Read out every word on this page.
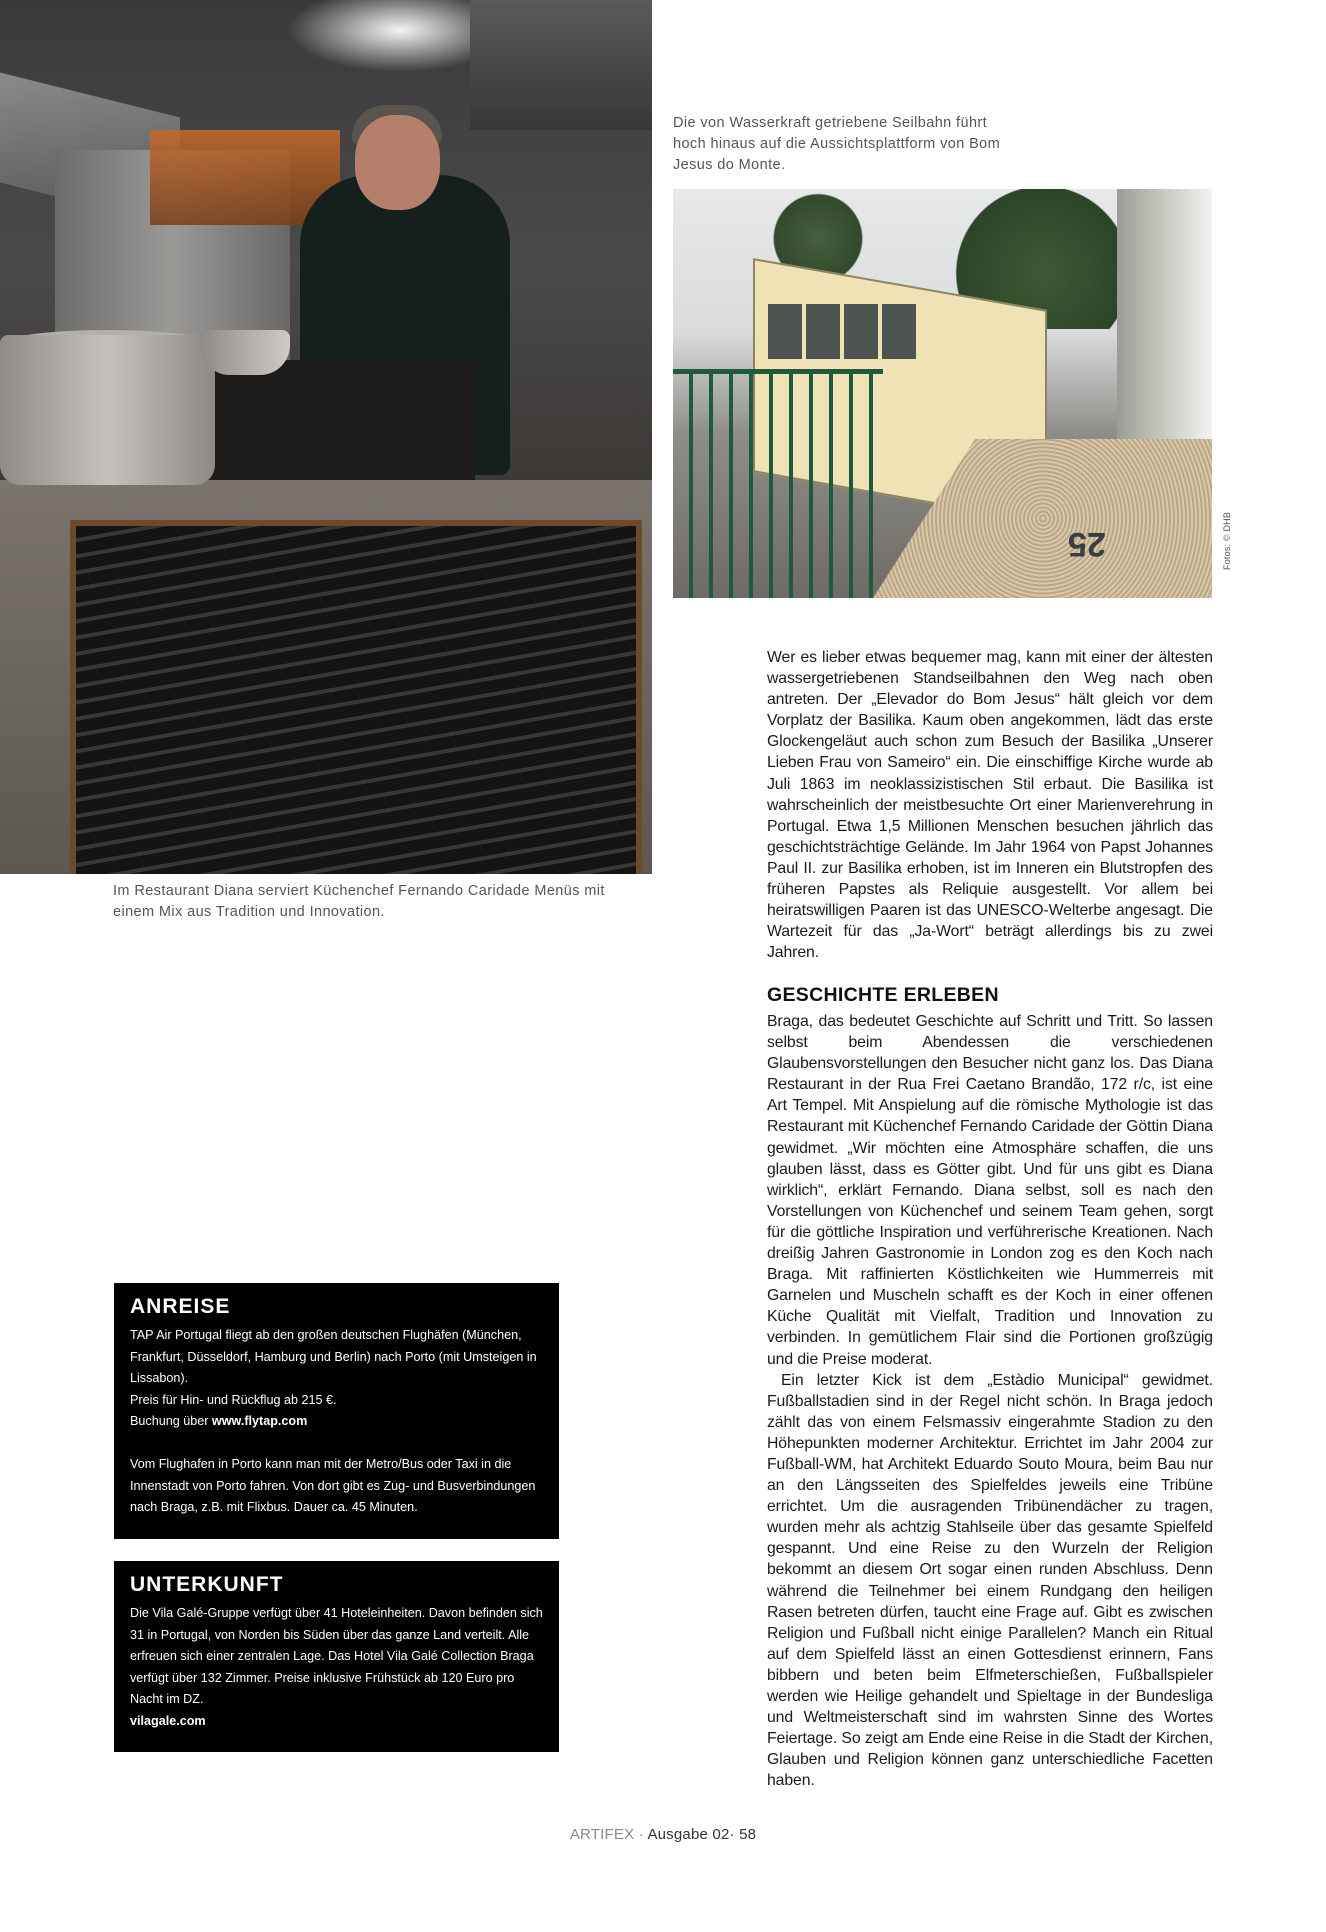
Die von Wasserkraft getriebene Seilbahn führt hoch hinaus auf die Aussichtsplattform von Bom Jesus do Monte.
25	Fotos: © DHB
Im Restaurant Diana serviert Küchenchef Fernando Caridade Menüs mit einem Mix aus Tradition und Innovation.
Wer es lieber etwas bequemer mag, kann mit einer der ältesten wassergetriebenen Standseilbahnen den Weg nach oben antreten. Der „Elevador do Bom Jesus“ hält gleich vor dem Vorplatz der Basilika. Kaum oben angekommen, lädt das erste Glockengeläut auch schon zum Besuch der Basilika „Unserer Lieben Frau von Sameiro“ ein. Die einschiffige Kirche wurde ab Juli 1863 im neoklassizistischen Stil erbaut. Die Basilika ist wahrscheinlich der meistbesuchte Ort einer Marienverehrung in Portugal. Etwa 1,5 Millionen Menschen besuchen jährlich das geschichtsträchtige Gelände. Im Jahr 1964 von Papst Johannes Paul II. zur Basilika erhoben, ist im Inneren ein Blutstropfen des früheren Papstes als Reliquie ausgestellt. Vor allem bei heiratswilligen Paaren ist das UNESCO-Welterbe angesagt. Die Wartezeit für das „Ja-Wort“ beträgt allerdings bis zu zwei Jahren.
GESCHICHTE ERLEBEN

Braga, das bedeutet Geschichte auf Schritt und Tritt. So lassen selbst beim Abendessen die verschiedenen Glaubensvorstellungen den Besucher nicht ganz los. Das Diana Restaurant in der Rua Frei Caetano Brandão, 172 r/c, ist eine Art Tempel. Mit Anspielung auf die römische Mythologie ist das Restaurant mit Küchenchef Fernando Caridade der Göttin Diana gewidmet. „Wir möchten eine Atmosphäre schaffen, die uns glauben lässt, dass es Götter gibt. Und für uns gibt es Diana wirklich“, erklärt Fernando. Diana selbst, soll es nach den Vorstellungen von Küchenchef und seinem Team gehen, sorgt für die göttliche Inspiration und verführerische Kreationen. Nach dreißig Jahren Gastronomie in London zog es den Koch nach Braga. Mit raffinierten Köstlichkeiten wie Hummerreis mit Garnelen und Muscheln schafft es der Koch in einer offenen Küche Qualität mit Vielfalt, Tradition und Innovation zu verbinden. In gemütlichem Flair sind die Portionen großzügig und die Preise moderat.

Ein letzter Kick ist dem „Estàdio Municipal“ gewidmet. Fußballstadien sind in der Regel nicht schön. In Braga jedoch zählt das von einem Felsmassiv eingerahmte Stadion zu den Höhepunkten moderner Architektur. Errichtet im Jahr 2004 zur Fußball-WM, hat Architekt Eduardo Souto Moura, beim Bau nur an den Längsseiten des Spielfeldes jeweils eine Tribüne errichtet. Um die ausragenden Tribünendächer zu tragen, wurden mehr als achtzig Stahlseile über das gesamte Spielfeld gespannt. Und eine Reise zu den Wurzeln der Religion bekommt an diesem Ort sogar einen runden Abschluss. Denn während die Teilnehmer bei einem Rundgang den heiligen Rasen betreten dürfen, taucht eine Frage auf. Gibt es zwischen Religion und Fußball nicht einige Parallelen? Manch ein Ritual auf dem Spielfeld lässt an einen Gottesdienst erinnern, Fans bibbern und beten beim Elfmeterschießen, Fußballspieler werden wie Heilige gehandelt und Spieltage in der Bundesliga und Weltmeisterschaft sind im wahrsten Sinne des Wortes Feiertage. So zeigt am Ende eine Reise in die Stadt der Kirchen, Glauben und Religion können ganz unterschiedliche Facetten haben.

ANREISE

TAP Air Portugal fliegt ab den großen deutschen Flughäfen (München, Frankfurt, Düsseldorf, Hamburg und Berlin) nach Porto (mit Umsteigen in Lissabon).

Preis für Hin- und Rückflug ab 215 €.

Buchung über www.flytap.com

Vom Flughafen in Porto kann man mit der Metro/Bus oder Taxi in die Innenstadt von Porto fahren. Von dort gibt es Zug- und Busverbindungen nach Braga, z.B. mit Flixbus. Dauer ca. 45 Minuten.

UNTERKUNFT

Die Vila Galé-Gruppe verfügt über 41 Hoteleinheiten. Davon befinden sich 31 in Portugal, von Norden bis Süden über das ganze Land verteilt. Alle erfreuen sich einer zentralen Lage. Das Hotel Vila Galé Collection Braga verfügt über 132 Zimmer. Preise inklusive Frühstück ab 120 Euro pro Nacht im DZ.

vilagale.com

ARTIFEX · Ausgabe 02· 58
